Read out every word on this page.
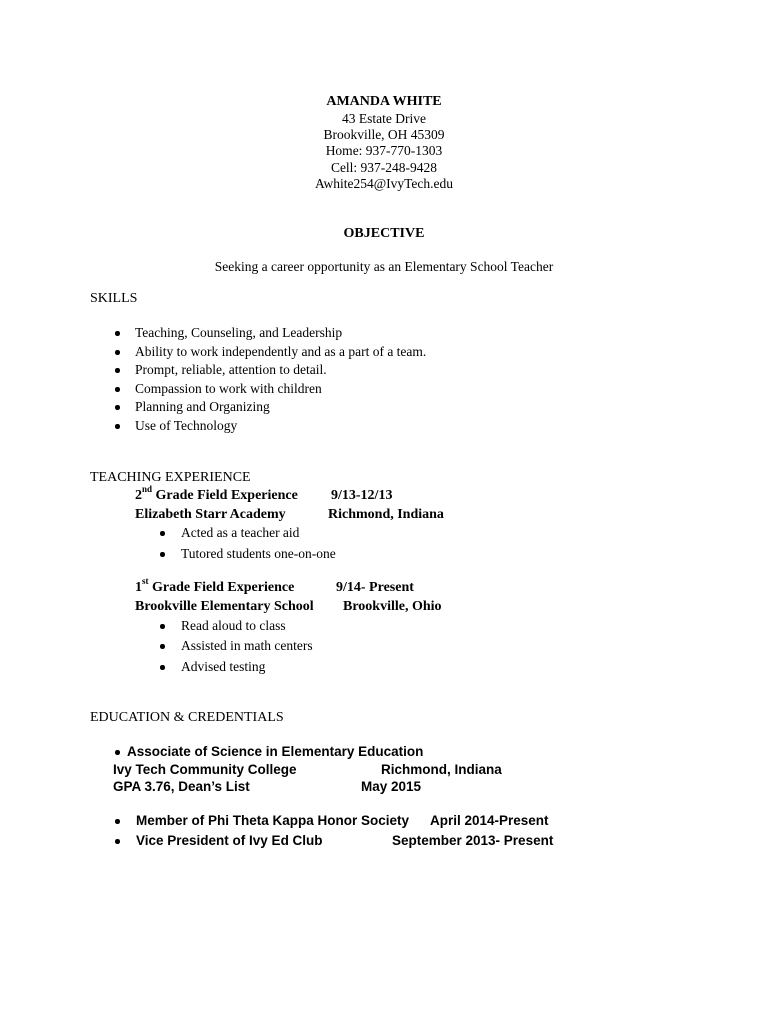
AMANDA WHITE
43 Estate Drive
Brookville, OH 45309
Home: 937-770-1303
Cell: 937-248-9428
Awhite254@IvyTech.edu
OBJECTIVE
Seeking a career opportunity as an Elementary School Teacher
SKILLS
Teaching, Counseling, and Leadership
Ability to work independently and as a part of a team.
Prompt, reliable, attention to detail.
Compassion to work with children
Planning and Organizing
Use of Technology
TEACHING EXPERIENCE
2nd Grade Field Experience 9/13-12/13
Elizabeth Starr Academy	Richmond, Indiana
Acted as a teacher aid
Tutored students one-on-one
1st Grade Field Experience	9/14- Present
Brookville Elementary School Brookville, Ohio
Read aloud to class
Assisted in math centers
Advised testing
EDUCATION & CREDENTIALS
Associate of Science in Elementary Education
Ivy Tech Community College	Richmond, Indiana
GPA 3.76, Dean’s List	May 2015
Member of Phi Theta Kappa Honor Society April 2014-Present
Vice President of Ivy Ed Club	September 2013- Present
